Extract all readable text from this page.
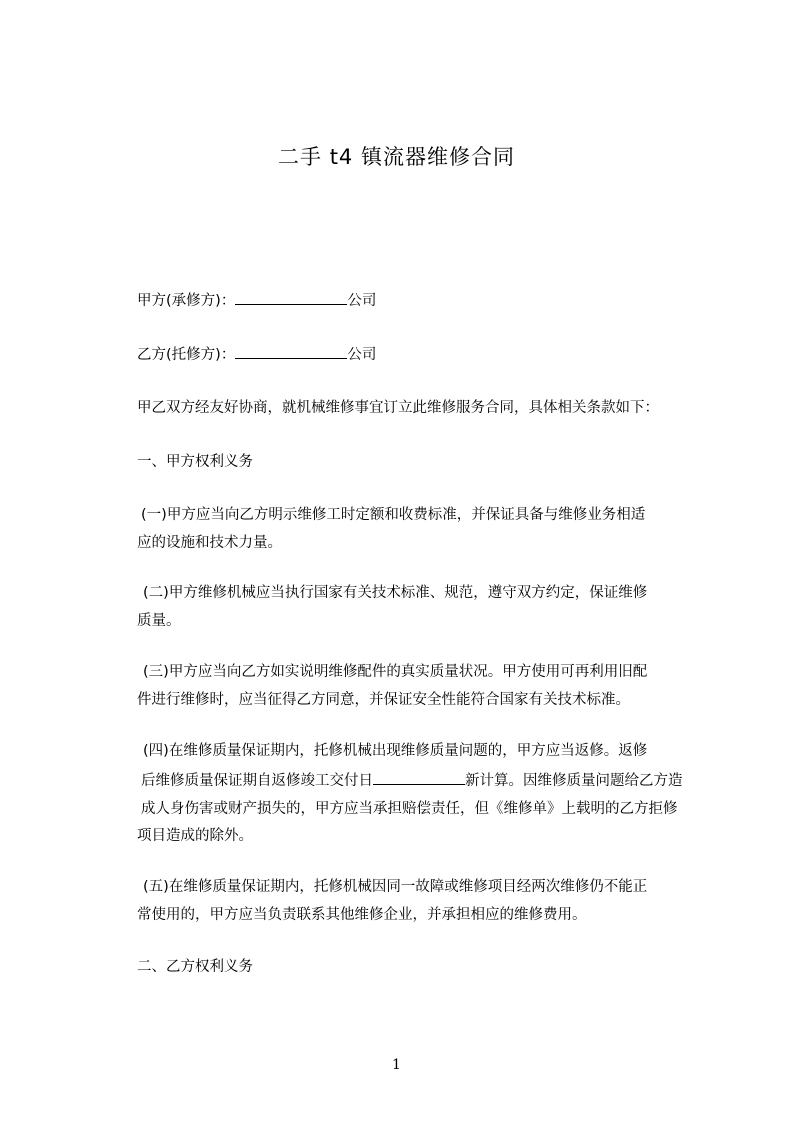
二手 t4 镇流器维修合同
甲方(承修方)：	公司
乙方(托修方)：	公司
甲乙双方经友好协商，就机械维修事宜订立此维修服务合同，具体相关条款如下：
一、甲方权利义务
(一)甲方应当向乙方明示维修工时定额和收费标准，并保证具备与维修业务相适
应的设施和技术力量。
(二)甲方维修机械应当执行国家有关技术标准、规范，遵守双方约定，保证维修
质量。
(三)甲方应当向乙方如实说明维修配件的真实质量状况。甲方使用可再利用旧配
件进行维修时，应当征得乙方同意，并保证安全性能符合国家有关技术标准。
(四)在维修质量保证期内，托修机械出现维修质量问题的，甲方应当返修。返修
后维修质量保证期自返修竣工交付日	新计算。因维修质量问题给乙方造
成人身伤害或财产损失的，甲方应当承担赔偿责任，但《维修单》上载明的乙方拒修
项目造成的除外。
(五)在维修质量保证期内，托修机械因同一故障或维修项目经两次维修仍不能正
常使用的，甲方应当负责联系其他维修企业，并承担相应的维修费用。
二、乙方权利义务
1
